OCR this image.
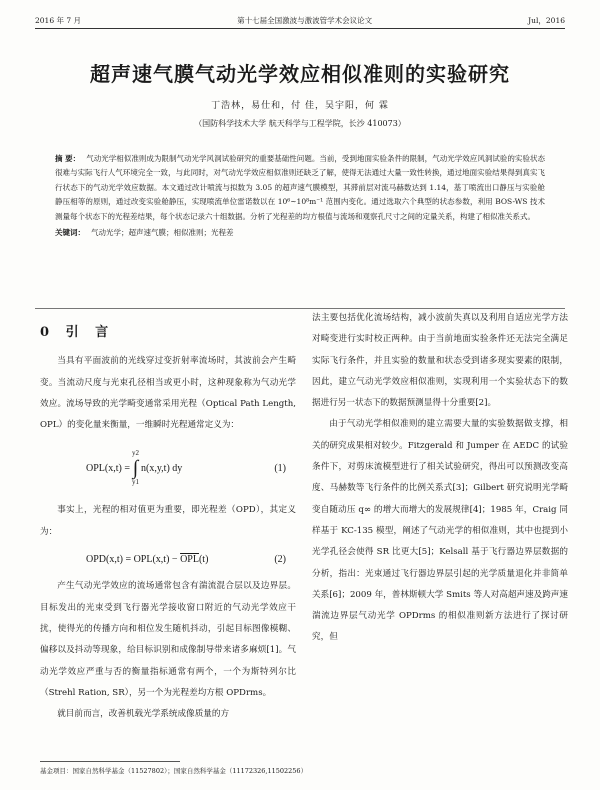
2016 年 7 月	第十七届全国激波与激波管学术会议论文	Jul，2016
超声速气膜气动光学效应相似准则的实验研究
丁浩林，易仕和，付 佳，吴宇阳，何 霖
（国防科学技术大学 航天科学与工程学院，长沙 410073）
摘 要： 气动光学相似准则成为限制气动光学风洞试验研究的重要基础性问题。当前，受到地面实验条件的限制，气动光学效应风洞试验的实验状态很难与实际飞行人气环境完全一致，与此同时，对气动光学效应相似准则还缺乏了解，使得无法通过大量一致性转换，通过地面实验结果得到真实飞行状态下的气动光学效应数据。本文通过改计喷流与拟数为 3.05 的超声速气膜模型，其滞前层对流马赫数达到 1.14，基丁喷流出口静压与实验舱静压相等的原则，通过改变实验舱静压，实现喷流单位雷诺数以在 10⁶~10⁸m⁻¹ 范围内变化。通过选取六个典型的状态参数，利用 BOS-WS 技术测量每个状态下的光程差结果，每个状态记录六十组数据。分析了光程差的均方根值与流场和观察孔尺寸之间的定量关系，构建了相似准关系式。
关键词： 气动光学；超声速气膜；相似准则；光程差
0 引 言
当具有平面波前的光线穿过变折射率流场时，其波前会产生畸变。当流动尺度与光束孔径相当或更小时，这种现象称为气动光学效应。流场导致的光学畸变通常采用光程（Optical Path Length, OPL）的变化量来衡量，一维瞬时光程通常定义为：
OPL(x,t) =
y2
∫
y1
n(x,y,t) dy	(1)
事实上，光程的相对值更为重要，即光程差（OPD），其定义为：
$OPD(x,t) = OPL(x,t) - \overline{OPL}(t)$	(2)
产生气动光学效应的流场通常包含有湍流混合层以及边界层。目标发出的光束受到飞行器光学接收窗口附近的气动光学效应干扰，使得光的传播方向和相位发生随机抖动，引起目标图像模糊、偏移以及抖动等现象，给目标识别和成像制导带来诸多麻烦[1]。气动光学效应严重与否的衡量指标通常有两个，一个为斯特列尔比（Strehl Ration, SR），另一个为光程差均方根 OPDrms。
就目前而言，改善机载光学系统成像质量的方
法主要包括优化流场结构，减小波前失真以及利用自适应光学方法对畸变进行实时校正两种。由于当前地面实验条件还无法完全满足实际飞行条件，并且实验的数量和状态受到诸多现实要素的限制，因此，建立气动光学效应相似准则，实现利用一个实验状态下的数据进行另一状态下的数据预测显得十分重要[2]。
由于气动光学相似准则的建立需要大量的实验数据做支撑，相关的研究成果相对较少。Fitzgerald 和 Jumper 在 AEDC 的试验条件下，对剪床流模型进行了相关试验研究，得出可以预测改变高度、马赫数等飞行条件的比例关系式[3]；Gilbert 研究说明光学畸变自随动压 q∞ 的增大而增大的发展规律[4]；1985 年，Craig 同样基于 KC-135 模型，阐述了气动光学的相似准则，其中也提到小光学孔径会使得 SR 比更大[5]；Kelsall 基于飞行器边界层数据的分析，指出：光束通过飞行器边界层引起的光学质量退化并非简单关系[6]；2009 年，普林斯顿大学 Smits 等人对高超声速及跨声速湍流边界层气动光学 OPDrms 的相似准则新方法进行了探讨研究，但
基金项目：国家自然科学基金（11527802）；国家自然科学基金（11172326,11502256）
